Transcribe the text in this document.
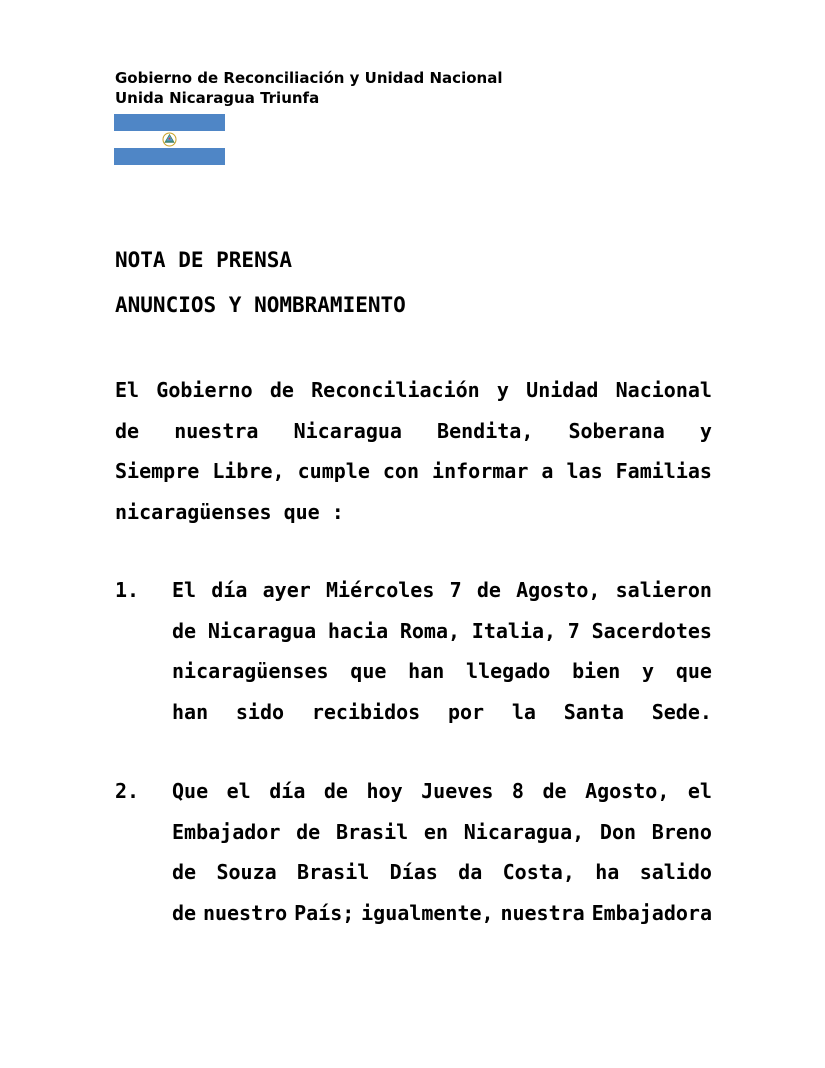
Gobierno de Reconciliación y Unidad Nacional
Unida Nicaragua Triunfa
NOTA DE PRENSA
ANUNCIOS Y NOMBRAMIENTO
El Gobierno de Reconciliación y Unidad Nacional
de nuestra Nicaragua Bendita, Soberana y
Siempre Libre, cumple con informar a las Familias
nicaragüenses que :
1. El día ayer Miércoles 7 de Agosto, salieron
de Nicaragua hacia Roma, Italia, 7 Sacerdotes
nicaragüenses que han llegado bien y que
han sido recibidos por la Santa Sede.
2. Que el día de hoy Jueves 8 de Agosto, el
Embajador de Brasil en Nicaragua, Don Breno
de Souza Brasil Días da Costa, ha salido
de nuestro País; igualmente, nuestra Embajadora
